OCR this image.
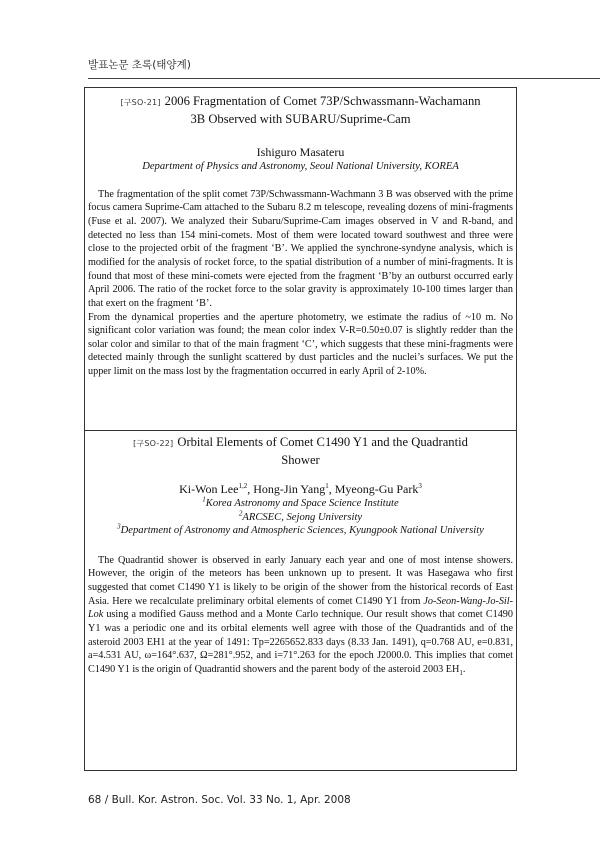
발표논문 초록(태양계)
[구SO-21] 2006 Fragmentation of Comet 73P/Schwassmann-Wachamann
3B Observed with SUBARU/Suprime-Cam
Ishiguro Masateru
Department of Physics and Astronomy, Seoul National University, KOREA

The fragmentation of the split comet 73P/Schwassmann-Wachmann 3 B was observed with the prime focus camera Suprime-Cam attached to the Subaru 8.2 m telescope, revealing dozens of mini-fragments (Fuse et al. 2007). We analyzed their Subaru/Suprime-Cam images observed in V and R-band, and detected no less than 154 mini-comets. Most of them were located toward southwest and three were close to the projected orbit of the fragment ‘B’. We applied the synchrone-syndyne analysis, which is modified for the analysis of rocket force, to the spatial distribution of a number of mini-fragments. It is found that most of these mini-comets were ejected from the fragment ‘B’by an outburst occurred early April 2006. The ratio of the rocket force to the solar gravity is approximately 10-100 times larger than that exert on the fragment ‘B’.

From the dynamical properties and the aperture photometry, we estimate the radius of ~10 m. No significant color variation was found; the mean color index V-R=0.50±0.07 is slightly redder than the solar color and similar to that of the main fragment ‘C’, which suggests that these mini-fragments were detected mainly through the sunlight scattered by dust particles and the nuclei’s surfaces. We put the upper limit on the mass lost by the fragmentation occurred in early April of 2-10%.

[구SO-22] Orbital Elements of Comet C1490 Y1 and the Quadrantid
Shower
Ki-Won Lee$^{1,2}$, Hong-Jin Yang$^1$, Myeong-Gu Park$^3$
$^1$Korea Astronomy and Space Science Institute
$^2$ARCSEC, Sejong University
$^3$Department of Astronomy and Atmospheric Sciences, Kyungpook National University

The Quadrantid shower is observed in early January each year and one of most intense showers. However, the origin of the meteors has been unknown up to present. It was Hasegawa who first suggested that comet C1490 Y1 is likely to be origin of the shower from the historical records of East Asia. Here we recalculate preliminary orbital elements of comet C1490 Y1 from Jo-Seon-Wang-Jo-Sil-Lok using a modified Gauss method and a Monte Carlo technique. Our result shows that comet C1490 Y1 was a periodic one and its orbital elements well agree with those of the Quadrantids and of the asteroid 2003 EH1 at the year of 1491: Tp=2265652.833 days (8.33 Jan. 1491), q=0.768 AU, e=0.831, a=4.531 AU, ω=164°.637, Ω=281°.952, and i=71°.263 for the epoch J2000.0. This implies that comet C1490 Y1 is the origin of Quadrantid showers and the parent body of the asteroid 2003 $EH_1$.

68 / Bull. Kor. Astron. Soc. Vol. 33 No. 1, Apr. 2008
